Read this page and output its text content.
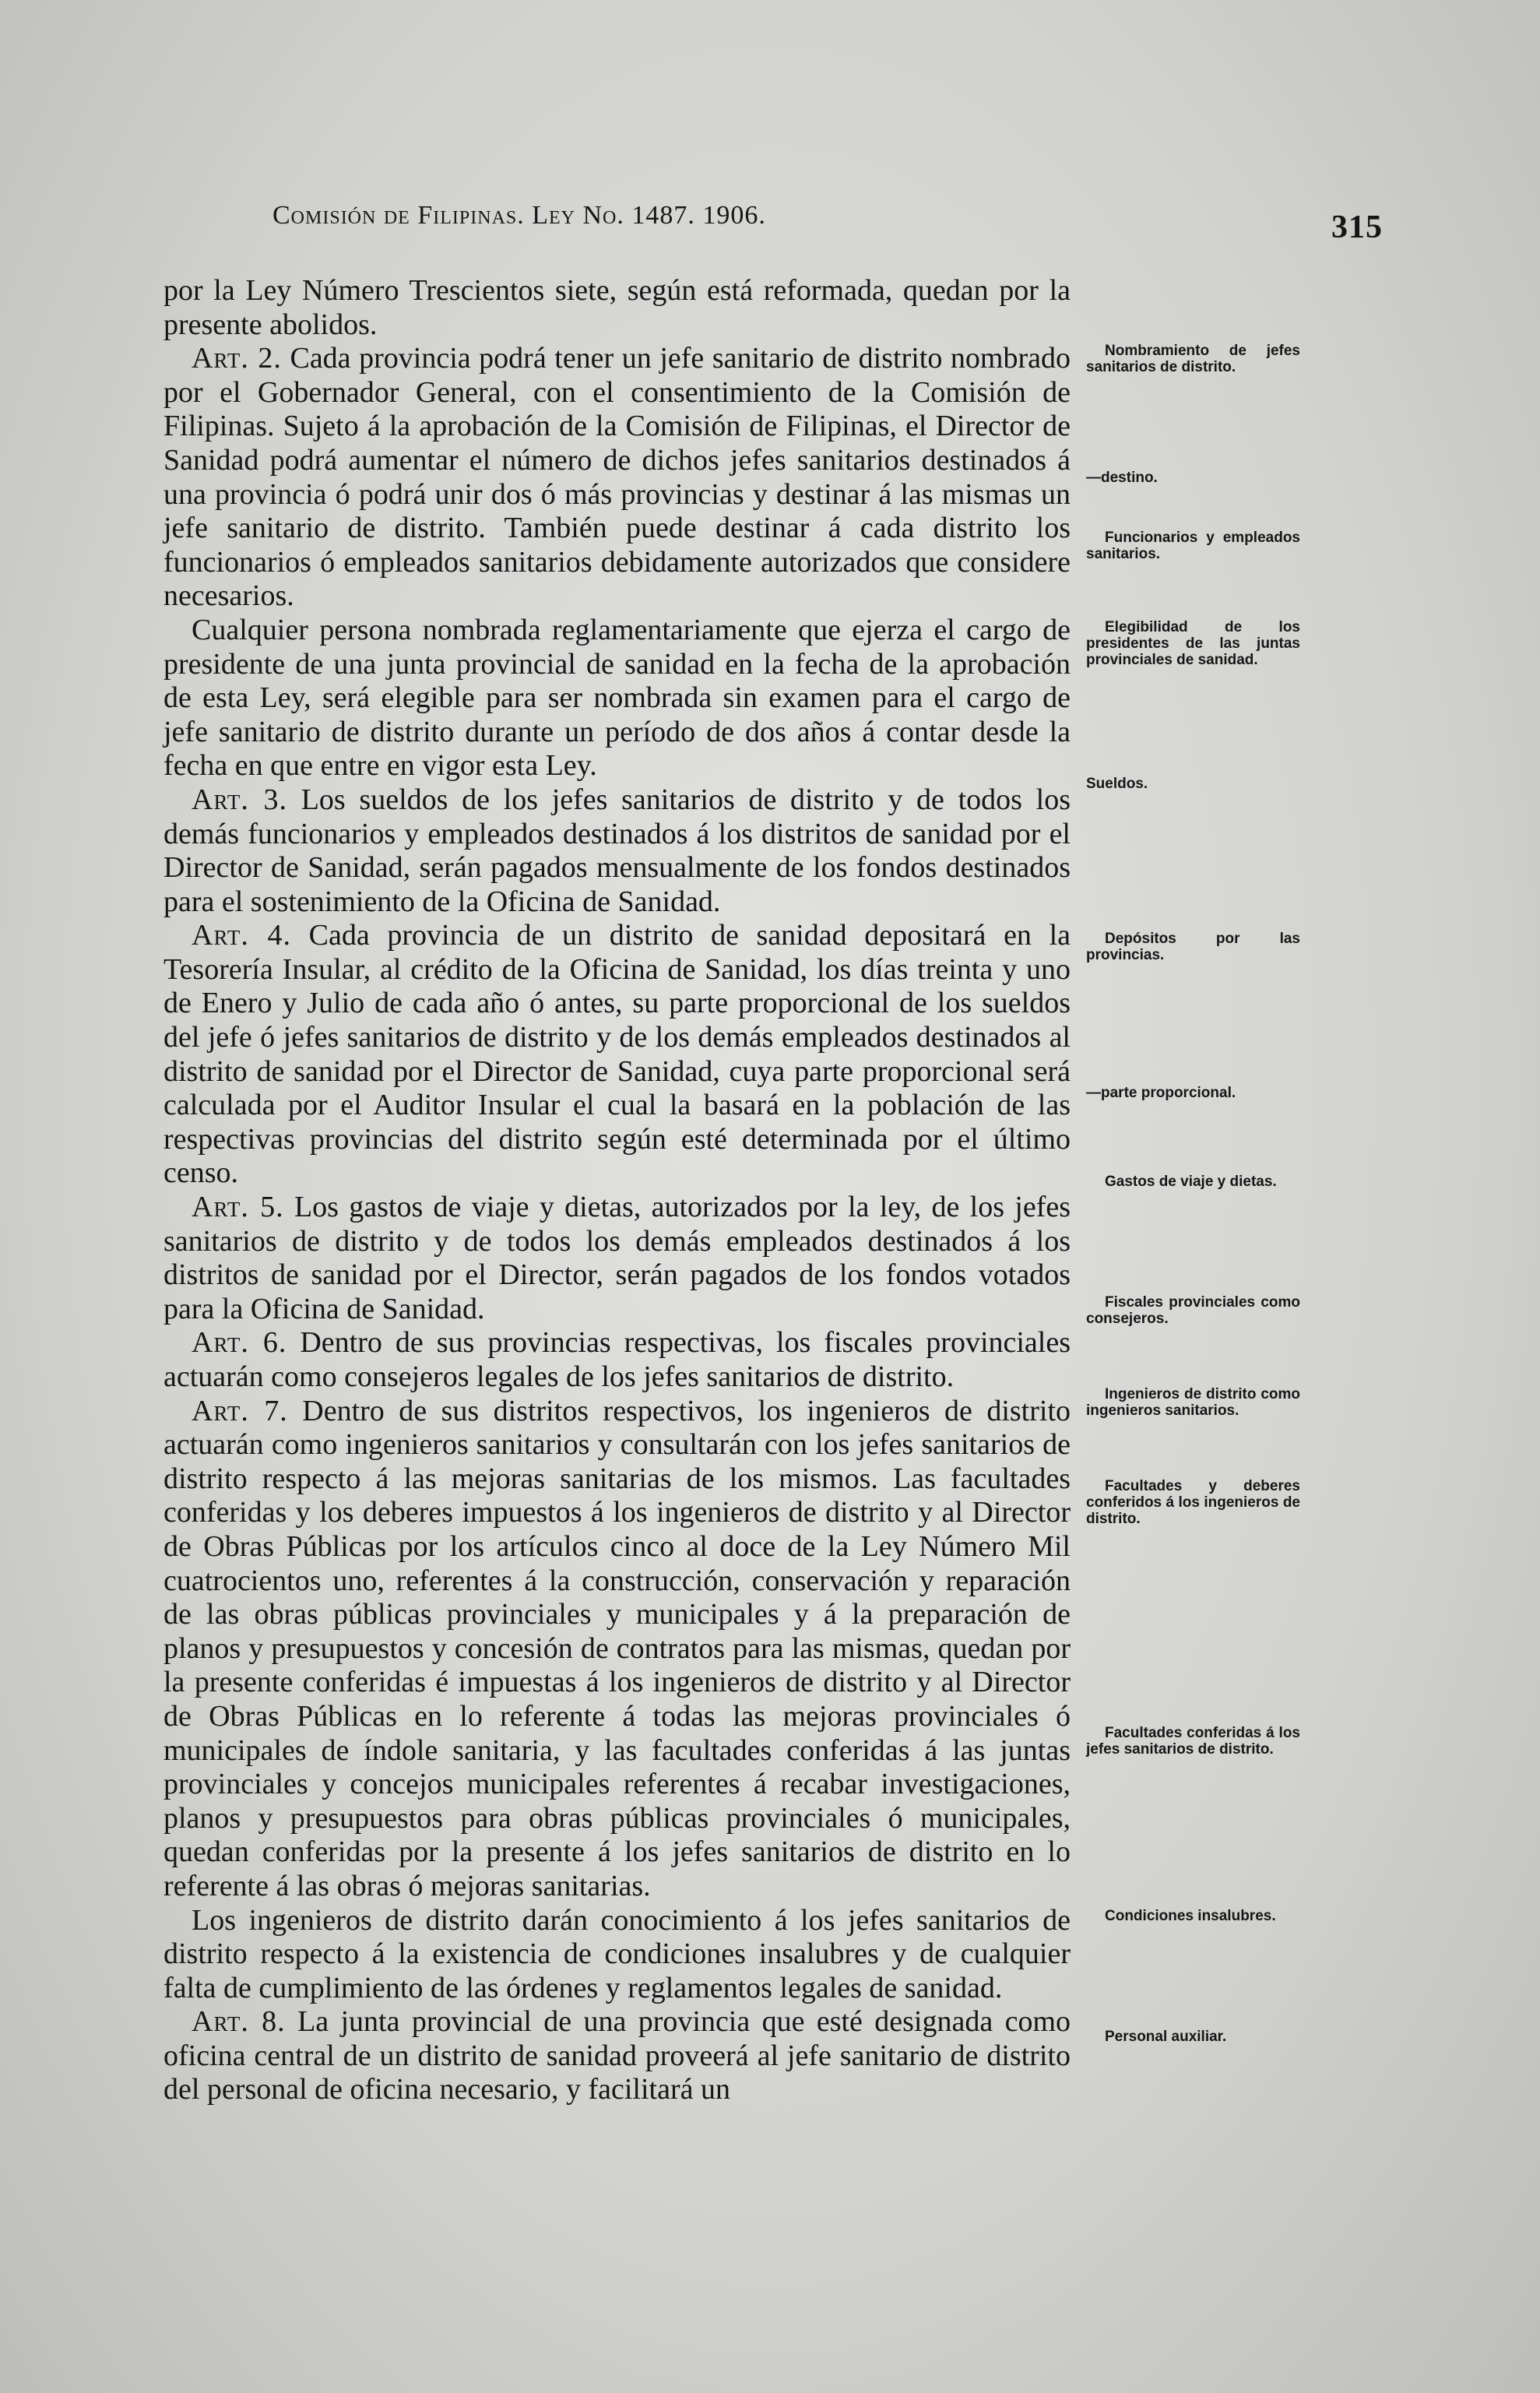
Comisión de Filipinas. Ley No. 1487. 1906.	315

por la Ley Número Trescientos siete, según está reformada, quedan por la presente abolidos.

Art. 2. Cada provincia podrá tener un jefe sanitario de distrito nombrado por el Gobernador General, con el consentimiento de la Comisión de Filipinas. Sujeto á la aprobación de la Comisión de Filipinas, el Director de Sanidad podrá aumentar el número de dichos jefes sanitarios destinados á una provincia ó podrá unir dos ó más provincias y destinar á las mismas un jefe sanitario de distrito. También puede destinar á cada distrito los funcionarios ó empleados sanitarios debidamente autorizados que considere necesarios.

Cualquier persona nombrada reglamentariamente que ejerza el cargo de presidente de una junta provincial de sanidad en la fecha de la aprobación de esta Ley, será elegible para ser nombrada sin examen para el cargo de jefe sanitario de distrito durante un período de dos años á contar desde la fecha en que entre en vigor esta Ley.

Art. 3. Los sueldos de los jefes sanitarios de distrito y de todos los demás funcionarios y empleados destinados á los distritos de sanidad por el Director de Sanidad, serán pagados mensualmente de los fondos destinados para el sostenimiento de la Oficina de Sanidad.

Art. 4. Cada provincia de un distrito de sanidad depositará en la Tesorería Insular, al crédito de la Oficina de Sanidad, los días treinta y uno de Enero y Julio de cada año ó antes, su parte proporcional de los sueldos del jefe ó jefes sanitarios de distrito y de los demás empleados destinados al distrito de sanidad por el Director de Sanidad, cuya parte proporcional será calculada por el Auditor Insular el cual la basará en la población de las respectivas provincias del distrito según esté determinada por el último censo.

Art. 5. Los gastos de viaje y dietas, autorizados por la ley, de los jefes sanitarios de distrito y de todos los demás empleados destinados á los distritos de sanidad por el Director, serán pagados de los fondos votados para la Oficina de Sanidad.

Art. 6. Dentro de sus provincias respectivas, los fiscales provinciales actuarán como consejeros legales de los jefes sanitarios de distrito.

Art. 7. Dentro de sus distritos respectivos, los ingenieros de distrito actuarán como ingenieros sanitarios y consultarán con los jefes sanitarios de distrito respecto á las mejoras sanitarias de los mismos. Las facultades conferidas y los deberes impuestos á los ingenieros de distrito y al Director de Obras Públicas por los artículos cinco al doce de la Ley Número Mil cuatrocientos uno, referentes á la construcción, conservación y reparación de las obras públicas provinciales y municipales y á la preparación de planos y presupuestos y concesión de contratos para las mismas, quedan por la presente conferidas é impuestas á los ingenieros de distrito y al Director de Obras Públicas en lo referente á todas las mejoras provinciales ó municipales de índole sanitaria, y las facultades conferidas á las juntas provinciales y concejos municipales referentes á recabar investigaciones, planos y presupuestos para obras públicas provinciales ó municipales, quedan conferidas por la presente á los jefes sanitarios de distrito en lo referente á las obras ó mejoras sanitarias.

Los ingenieros de distrito darán conocimiento á los jefes sanitarios de distrito respecto á la existencia de condiciones insalubres y de cualquier falta de cumplimiento de las órdenes y reglamentos legales de sanidad.

Art. 8. La junta provincial de una provincia que esté designada como oficina central de un distrito de sanidad proveerá al jefe sanitario de distrito del personal de oficina necesario, y facilitará un

Nombramiento de jefes sanitarios de distrito.
—destino.
Funcionarios y empleados sanitarios.
Elegibilidad de los presidentes de las juntas provinciales de sanidad.
Sueldos.
Depósitos por las provincias.
—parte proporcional.
Gastos de viaje y dietas.
Fiscales provinciales como consejeros.
Ingenieros de distrito como ingenieros sanitarios.
Facultades y deberes conferidos á los ingenieros de distrito.
Facultades conferidas á los jefes sanitarios de distrito.
Condiciones insalubres.
Personal auxiliar.
